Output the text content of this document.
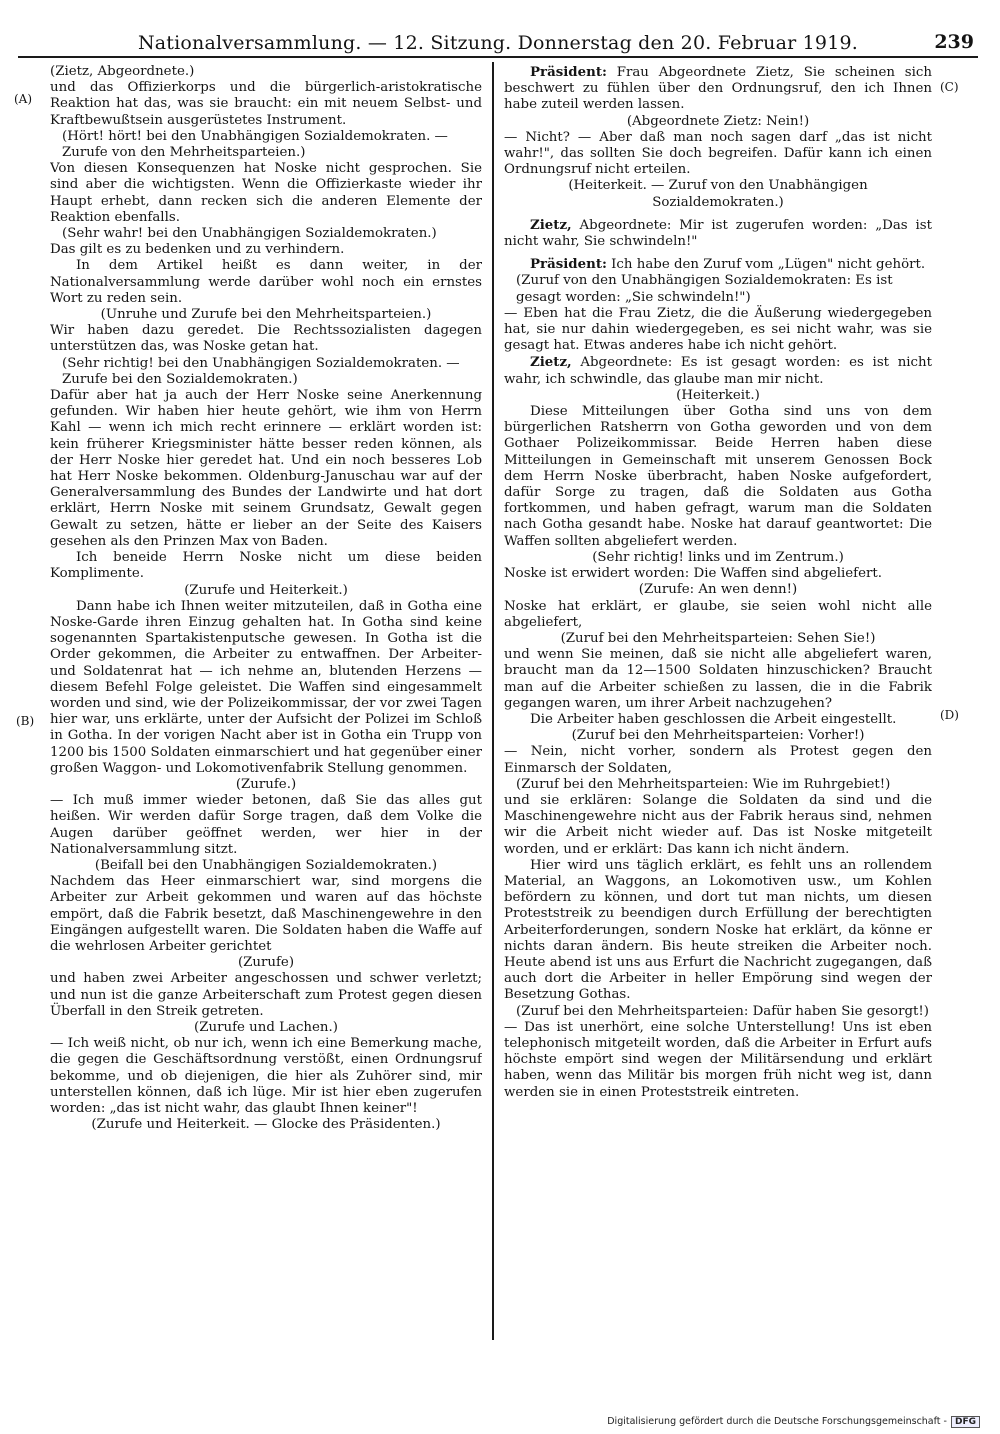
Nationalversammlung. — 12. Sitzung. Donnerstag den 20. Februar 1919.	239
(A)
(B)
(C)
(D)

(Zietz, Abgeordnete.)

und das Offizierkorps und die bürgerlich-aristokratische Reaktion hat das, was sie braucht: ein mit neuem Selbst- und Kraftbewußtsein ausgerüstetes Instrument.

(Hört! hört! bei den Unabhängigen Sozialdemokraten. — Zurufe von den Mehrheitsparteien.)

Von diesen Konsequenzen hat Noske nicht gesprochen. Sie sind aber die wichtigsten. Wenn die Offizierkaste wieder ihr Haupt erhebt, dann recken sich die anderen Elemente der Reaktion ebenfalls.

(Sehr wahr! bei den Unabhängigen Sozialdemokraten.)

Das gilt es zu bedenken und zu verhindern.

In dem Artikel heißt es dann weiter, in der Nationalversammlung werde darüber wohl noch ein ernstes Wort zu reden sein.

(Unruhe und Zurufe bei den Mehrheitsparteien.)

Wir haben dazu geredet. Die Rechtssozialisten dagegen unterstützen das, was Noske getan hat.

(Sehr richtig! bei den Unabhängigen Sozialdemokraten. — Zurufe bei den Sozialdemokraten.)

Dafür aber hat ja auch der Herr Noske seine Anerkennung gefunden. Wir haben hier heute gehört, wie ihm von Herrn Kahl — wenn ich mich recht erinnere — erklärt worden ist: kein früherer Kriegsminister hätte besser reden können, als der Herr Noske hier geredet hat. Und ein noch besseres Lob hat Herr Noske bekommen. Oldenburg-Januschau war auf der Generalversammlung des Bundes der Landwirte und hat dort erklärt, Herrn Noske mit seinem Grundsatz, Gewalt gegen Gewalt zu setzen, hätte er lieber an der Seite des Kaisers gesehen als den Prinzen Max von Baden.

Ich beneide Herrn Noske nicht um diese beiden Komplimente.

(Zurufe und Heiterkeit.)

Dann habe ich Ihnen weiter mitzuteilen, daß in Gotha eine Noske-Garde ihren Einzug gehalten hat. In Gotha sind keine sogenannten Spartakistenputsche gewesen. In Gotha ist die Order gekommen, die Arbeiter zu entwaffnen. Der Arbeiter- und Soldatenrat hat — ich nehme an, blutenden Herzens — diesem Befehl Folge geleistet. Die Waffen sind eingesammelt worden und sind, wie der Polizeikommissar, der vor zwei Tagen hier war, uns erklärte, unter der Aufsicht der Polizei im Schloß in Gotha. In der vorigen Nacht aber ist in Gotha ein Trupp von 1200 bis 1500 Soldaten einmarschiert und hat gegenüber einer großen Waggon- und Lokomotivenfabrik Stellung genommen.

(Zurufe.)

— Ich muß immer wieder betonen, daß Sie das alles gut heißen. Wir werden dafür Sorge tragen, daß dem Volke die Augen darüber geöffnet werden, wer hier in der Nationalversammlung sitzt.

(Beifall bei den Unabhängigen Sozialdemokraten.)

Nachdem das Heer einmarschiert war, sind morgens die Arbeiter zur Arbeit gekommen und waren auf das höchste empört, daß die Fabrik besetzt, daß Maschinengewehre in den Eingängen aufgestellt waren. Die Soldaten haben die Waffe auf die wehrlosen Arbeiter gerichtet

(Zurufe)

und haben zwei Arbeiter angeschossen und schwer verletzt; und nun ist die ganze Arbeiterschaft zum Protest gegen diesen Überfall in den Streik getreten.

(Zurufe und Lachen.)

— Ich weiß nicht, ob nur ich, wenn ich eine Bemerkung mache, die gegen die Geschäftsordnung verstößt, einen Ordnungsruf bekomme, und ob diejenigen, die hier als Zuhörer sind, mir unterstellen können, daß ich lüge. Mir ist hier eben zugerufen worden: „das ist nicht wahr, das glaubt Ihnen keiner"!

(Zurufe und Heiterkeit. — Glocke des Präsidenten.)

Präsident: Frau Abgeordnete Zietz, Sie scheinen sich beschwert zu fühlen über den Ordnungsruf, den ich Ihnen habe zuteil werden lassen.

(Abgeordnete Zietz: Nein!)

— Nicht? — Aber daß man noch sagen darf „das ist nicht wahr!", das sollten Sie doch begreifen. Dafür kann ich einen Ordnungsruf nicht erteilen.

(Heiterkeit. — Zuruf von den Unabhängigen Sozialdemokraten.)

Zietz, Abgeordnete: Mir ist zugerufen worden: „Das ist nicht wahr, Sie schwindeln!"

Präsident: Ich habe den Zuruf vom „Lügen" nicht gehört.

(Zuruf von den Unabhängigen Sozialdemokraten: Es ist gesagt worden: „Sie schwindeln!")

— Eben hat die Frau Zietz, die die Äußerung wiedergegeben hat, sie nur dahin wiedergegeben, es sei nicht wahr, was sie gesagt hat. Etwas anderes habe ich nicht gehört.

Zietz, Abgeordnete: Es ist gesagt worden: es ist nicht wahr, ich schwindle, das glaube man mir nicht.

(Heiterkeit.)

Diese Mitteilungen über Gotha sind uns von dem bürgerlichen Ratsherrn von Gotha geworden und von dem Gothaer Polizeikommissar. Beide Herren haben diese Mitteilungen in Gemeinschaft mit unserem Genossen Bock dem Herrn Noske überbracht, haben Noske aufgefordert, dafür Sorge zu tragen, daß die Soldaten aus Gotha fortkommen, und haben gefragt, warum man die Soldaten nach Gotha gesandt habe. Noske hat darauf geantwortet: Die Waffen sollten abgeliefert werden.

(Sehr richtig! links und im Zentrum.)

Noske ist erwidert worden: Die Waffen sind abgeliefert.

(Zurufe: An wen denn!)

Noske hat erklärt, er glaube, sie seien wohl nicht alle abgeliefert,

(Zuruf bei den Mehrheitsparteien: Sehen Sie!)

und wenn Sie meinen, daß sie nicht alle abgeliefert waren, braucht man da 12—1500 Soldaten hinzuschicken? Braucht man auf die Arbeiter schießen zu lassen, die in die Fabrik gegangen waren, um ihrer Arbeit nachzugehen?

Die Arbeiter haben geschlossen die Arbeit eingestellt.

(Zuruf bei den Mehrheitsparteien: Vorher!)

— Nein, nicht vorher, sondern als Protest gegen den Einmarsch der Soldaten,

(Zuruf bei den Mehrheitsparteien: Wie im Ruhrgebiet!)

und sie erklären: Solange die Soldaten da sind und die Maschinengewehre nicht aus der Fabrik heraus sind, nehmen wir die Arbeit nicht wieder auf. Das ist Noske mitgeteilt worden, und er erklärt: Das kann ich nicht ändern.

Hier wird uns täglich erklärt, es fehlt uns an rollendem Material, an Waggons, an Lokomotiven usw., um Kohlen befördern zu können, und dort tut man nichts, um diesen Proteststreik zu beendigen durch Erfüllung der berechtigten Arbeiterforderungen, sondern Noske hat erklärt, da könne er nichts daran ändern. Bis heute streiken die Arbeiter noch. Heute abend ist uns aus Erfurt die Nachricht zugegangen, daß auch dort die Arbeiter in heller Empörung sind wegen der Besetzung Gothas.

(Zuruf bei den Mehrheitsparteien: Dafür haben Sie gesorgt!)

— Das ist unerhört, eine solche Unterstellung! Uns ist eben telephonisch mitgeteilt worden, daß die Arbeiter in Erfurt aufs höchste empört sind wegen der Militärsendung und erklärt haben, wenn das Militär bis morgen früh nicht weg ist, dann werden sie in einen Proteststreik eintreten.

Digitalisierung gefördert durch die Deutsche Forschungsgemeinschaft - DFG
